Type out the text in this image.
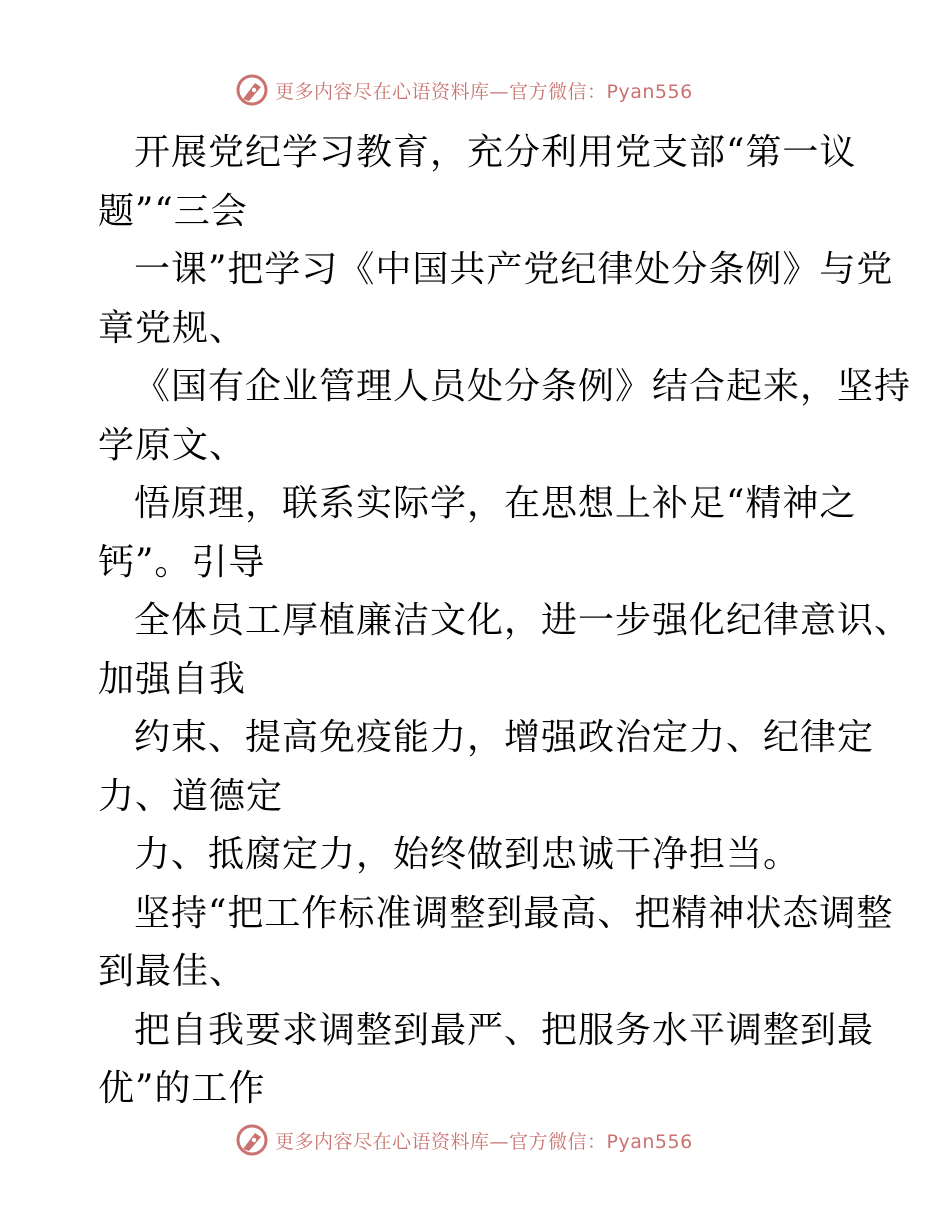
更多内容尽在心语资料库—官方微信：Pyan556
开展党纪学习教育，充分利用党支部“第一议
题”“三会
一课”把学习《中国共产党纪律处分条例》与党
章党规、
《国有企业管理人员处分条例》结合起来，坚持
学原文、
悟原理，联系实际学，在思想上补足“精神之
钙”。引导
全体员工厚植廉洁文化，进一步强化纪律意识、
加强自我
约束、提高免疫能力，增强政治定力、纪律定
力、道德定
力、抵腐定力，始终做到忠诚干净担当。
坚持“把工作标准调整到最高、把精神状态调整
到最佳、
把自我要求调整到最严、把服务水平调整到最
优”的工作
更多内容尽在心语资料库—官方微信：Pyan556
